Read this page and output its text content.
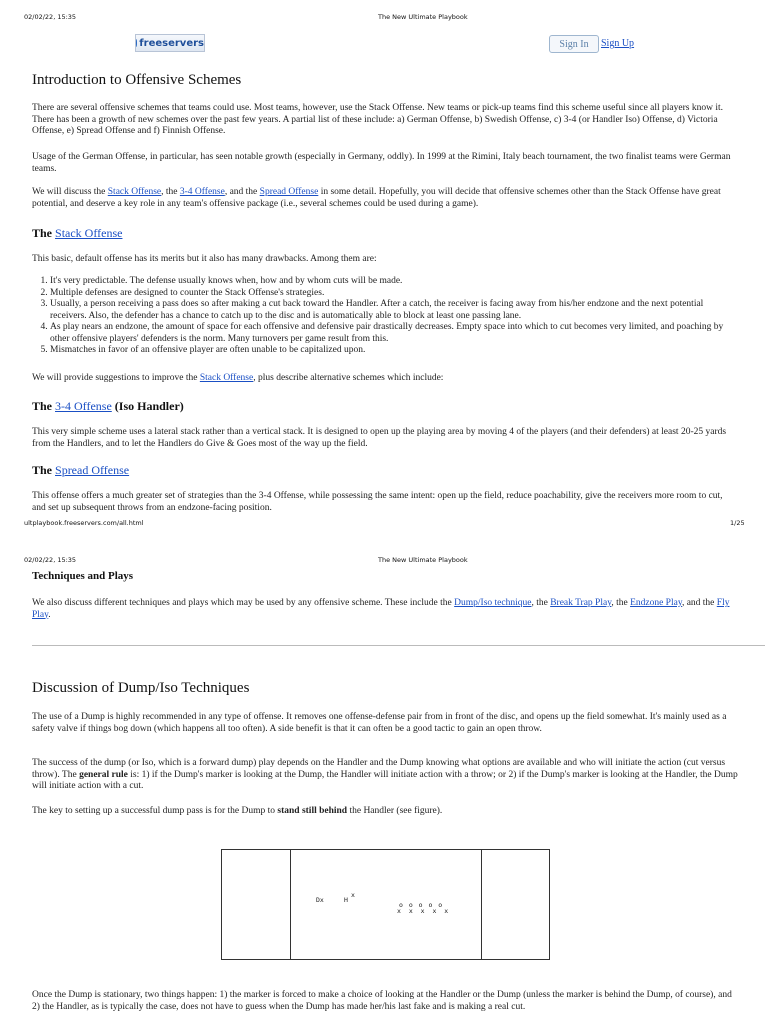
02/02/22, 15:35	The New Ultimate Playbook
freeservers	Sign In	Sign Up
Introduction to Offensive Schemes

There are several offensive schemes that teams could use. Most teams, however, use the Stack Offense. New teams or pick-up teams find this scheme useful since all players know it. There has been a growth of new schemes over the past few years. A partial list of these include: a) German Offense, b) Swedish Offense, c) 3-4 (or Handler Iso) Offense, d) Victoria Offense, e) Spread Offense and f) Finnish Offense.

Usage of the German Offense, in particular, has seen notable growth (especially in Germany, oddly). In 1999 at the Rimini, Italy beach tournament, the two finalist teams were German teams.

We will discuss the Stack Offense, the 3-4 Offense, and the Spread Offense in some detail. Hopefully, you will decide that offensive schemes other than the Stack Offense have great potential, and deserve a key role in any team's offensive package (i.e., several schemes could be used during a game).

The Stack Offense

This basic, default offense has its merits but it also has many drawbacks. Among them are:

1. It's very predictable. The defense usually knows when, how and by whom cuts will be made.
2. Multiple defenses are designed to counter the Stack Offense's strategies.
3. Usually, a person receiving a pass does so after making a cut back toward the Handler. After a catch, the receiver is facing away from his/her endzone and the next potential receivers. Also, the defender has a chance to catch up to the disc and is automatically able to block at least one passing lane.
4. As play nears an endzone, the amount of space for each offensive and defensive pair drastically decreases. Empty space into which to cut becomes very limited, and poaching by other offensive players' defenders is the norm. Many turnovers per game result from this.
5. Mismatches in favor of an offensive player are often unable to be capitalized upon.

We will provide suggestions to improve the Stack Offense, plus describe alternative schemes which include:

The 3-4 Offense (Iso Handler)

This very simple scheme uses a lateral stack rather than a vertical stack. It is designed to open up the playing area by moving 4 of the players (and their defenders) at least 20-25 yards from the Handlers, and to let the Handlers do Give & Goes most of the way up the field.

The Spread Offense

This offense offers a much greater set of strategies than the 3-4 Offense, while possessing the same intent: open up the field, reduce poachability, give the receivers more room to cut, and set up subsequent throws from an endzone-facing position.

ultplaybook.freeservers.com/all.html	1/25
02/02/22, 15:35	The New Ultimate Playbook
Techniques and Plays

We also discuss different techniques and plays which may be used by any offensive scheme. These include the Dump/Iso technique, the Break Trap Play, the Endzone Play, and the Fly Play.

Discussion of Dump/Iso Techniques

The use of a Dump is highly recommended in any type of offense. It removes one offense-defense pair from in front of the disc, and opens up the field somewhat. It's mainly used as a safety valve if things bog down (which happens all too often). A side benefit is that it can often be a good tactic to gain an open throw.

The success of the dump (or Iso, which is a forward dump) play depends on the Handler and the Dump knowing what options are available and who will initiate the action (cut versus throw). The general rule is: 1) if the Dump's marker is looking at the Dump, the Handler will initiate action with a throw; or 2) if the Dump's marker is looking at the Handler, the Dump will initiate action with a cut.

The key to setting up a successful dump pass is for the Dump to stand still behind the Handler (see figure).

Dx	H
x
o o o o o
x x x x x

Once the Dump is stationary, two things happen: 1) the marker is forced to make a choice of looking at the Handler or the Dump (unless the marker is behind the Dump, of course), and 2) the Handler, as is typically the case, does not have to guess when the Dump has made her/his last fake and is making a real cut.
